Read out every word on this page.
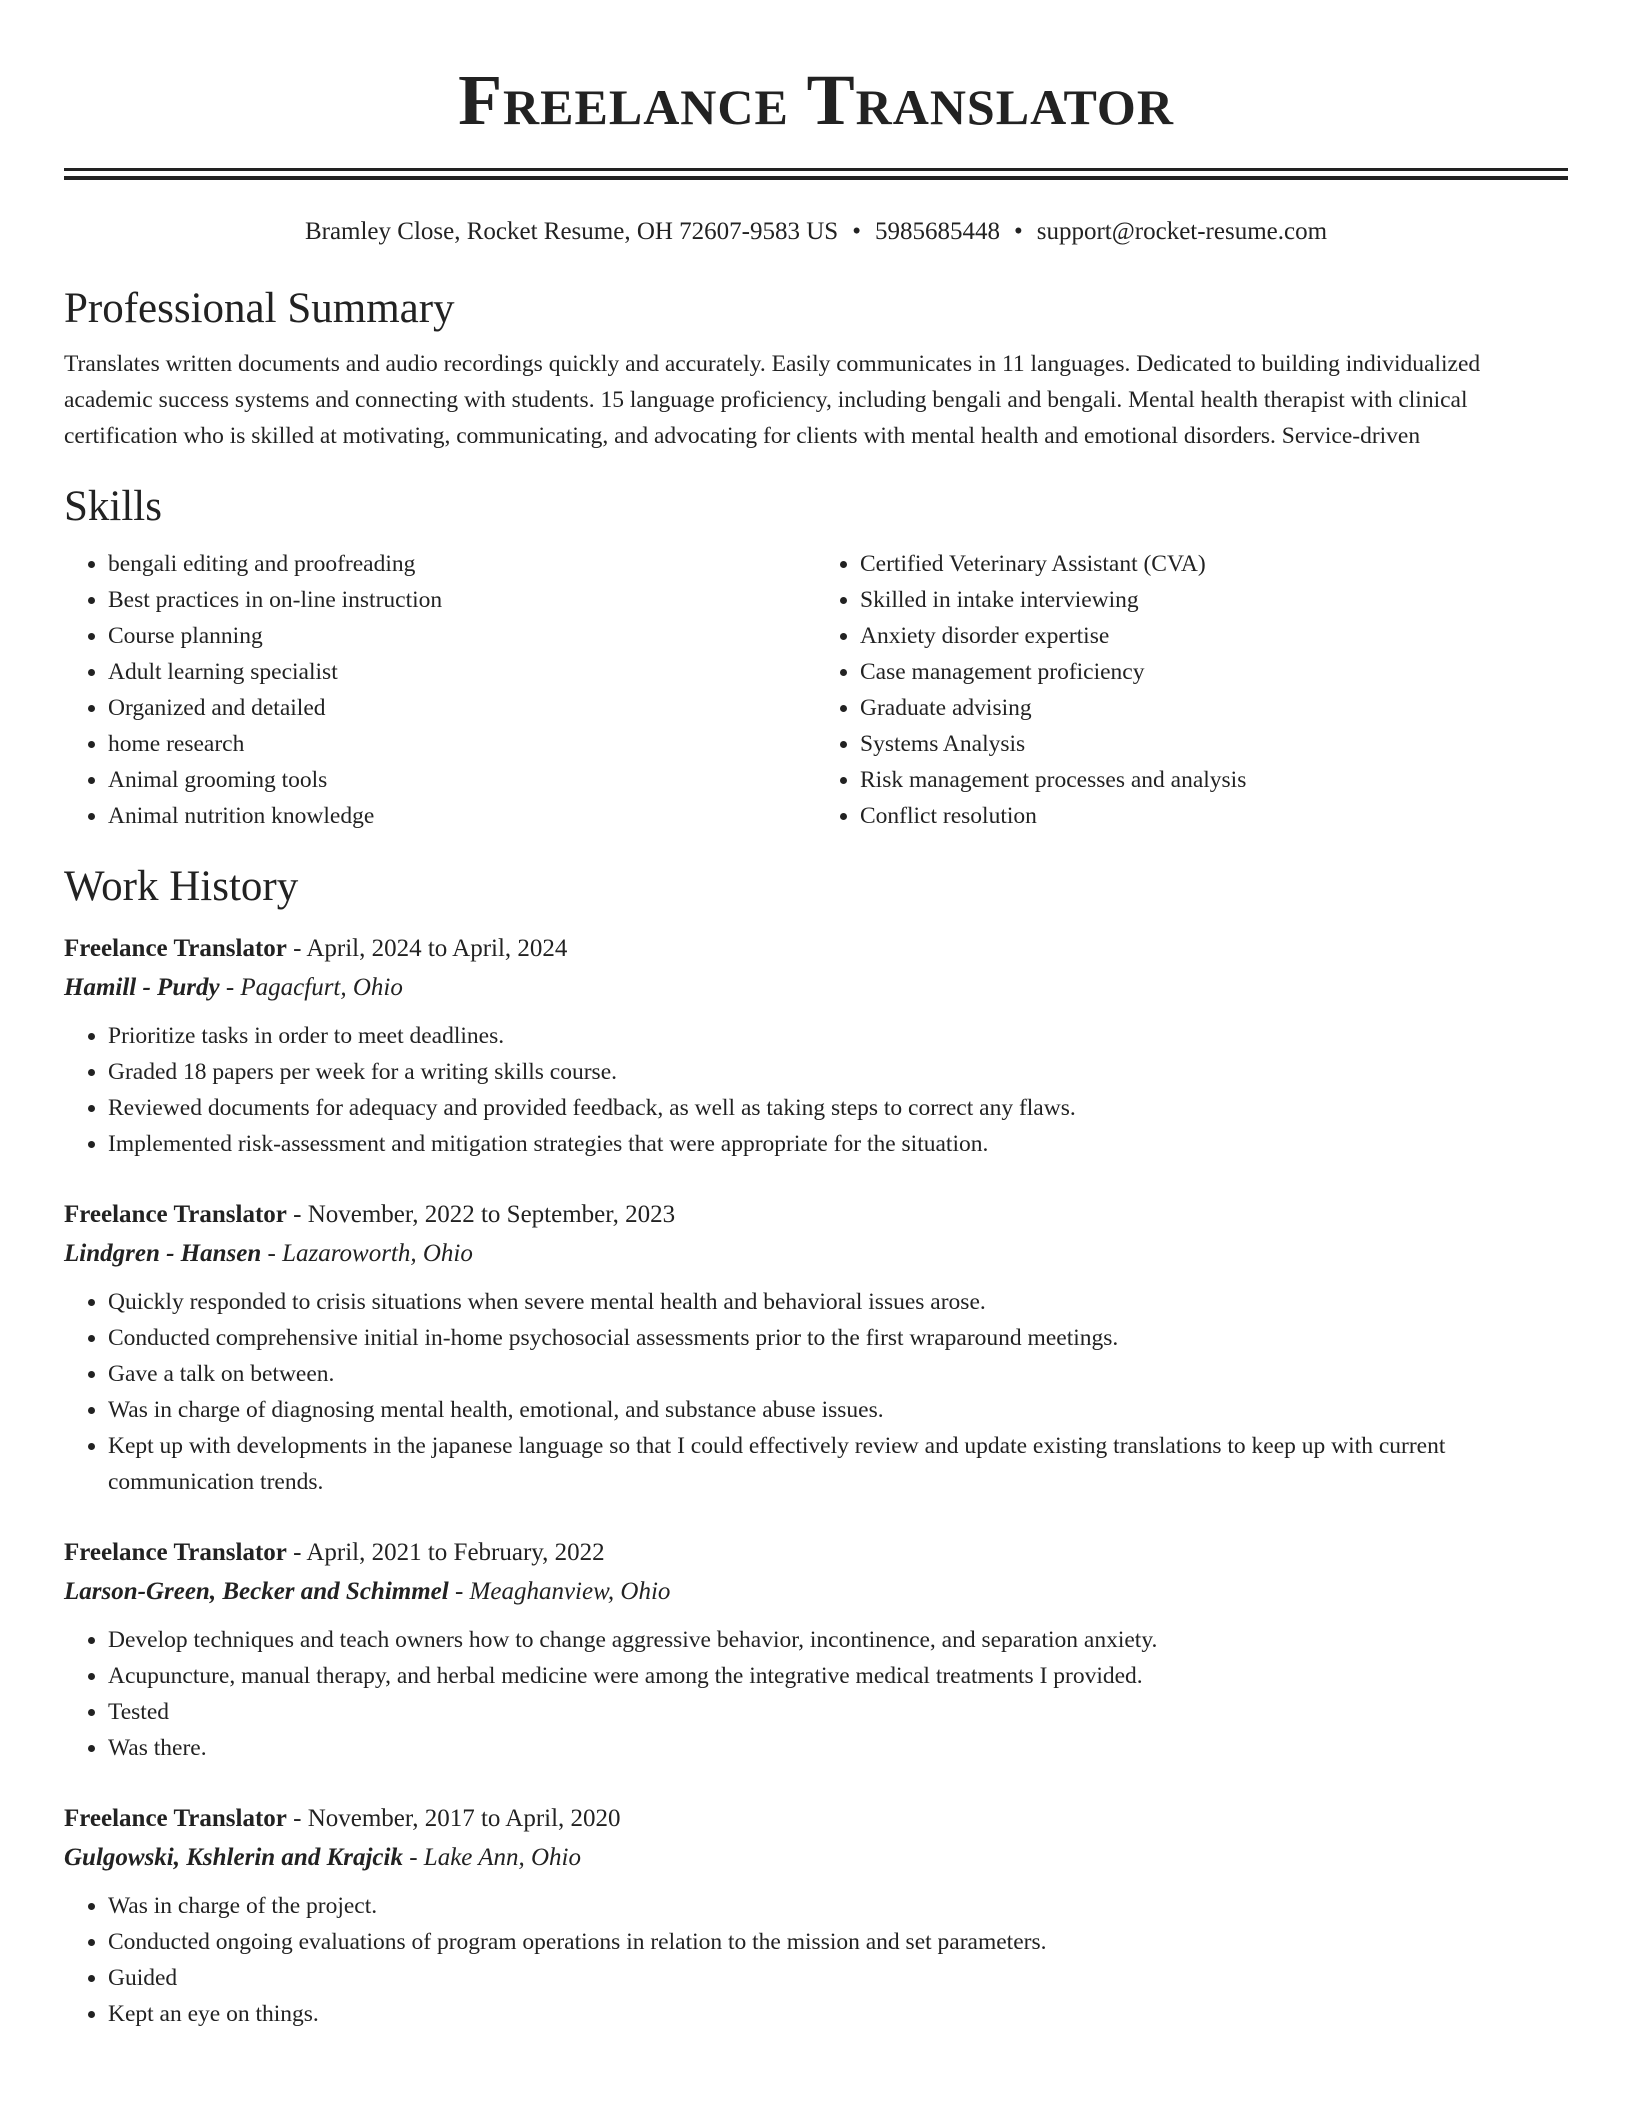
Freelance Translator
Bramley Close, Rocket Resume, OH 72607-9583 US • 5985685448 • support@rocket-resume.com
Professional Summary

Translates written documents and audio recordings quickly and accurately. Easily communicates in 11 languages. Dedicated to building individualized academic success systems and connecting with students. 15 language proficiency, including bengali and bengali. Mental health therapist with clinical certification who is skilled at motivating, communicating, and advocating for clients with mental health and emotional disorders. Service-driven

Skills
• bengali editing and proofreading
• Best practices in on-line instruction
• Course planning
• Adult learning specialist
• Organized and detailed
• home research
• Animal grooming tools
• Animal nutrition knowledge
• Certified Veterinary Assistant (CVA)
• Skilled in intake interviewing
• Anxiety disorder expertise
• Case management proficiency
• Graduate advising
• Systems Analysis
• Risk management processes and analysis
• Conflict resolution
Work History
Freelance Translator - April, 2024 to April, 2024
Hamill - Purdy - Pagacfurt, Ohio
• Prioritize tasks in order to meet deadlines.
• Graded 18 papers per week for a writing skills course.
• Reviewed documents for adequacy and provided feedback, as well as taking steps to correct any flaws.
• Implemented risk-assessment and mitigation strategies that were appropriate for the situation.
Freelance Translator - November, 2022 to September, 2023
Lindgren - Hansen - Lazaroworth, Ohio
• Quickly responded to crisis situations when severe mental health and behavioral issues arose.
• Conducted comprehensive initial in-home psychosocial assessments prior to the first wraparound meetings.
• Gave a talk on between.
• Was in charge of diagnosing mental health, emotional, and substance abuse issues.
• Kept up with developments in the japanese language so that I could effectively review and update existing translations to keep up with current communication trends.
Freelance Translator - April, 2021 to February, 2022
Larson-Green, Becker and Schimmel - Meaghanview, Ohio
• Develop techniques and teach owners how to change aggressive behavior, incontinence, and separation anxiety.
• Acupuncture, manual therapy, and herbal medicine were among the integrative medical treatments I provided.
• Tested
• Was there.
Freelance Translator - November, 2017 to April, 2020
Gulgowski, Kshlerin and Krajcik - Lake Ann, Ohio
• Was in charge of the project.
• Conducted ongoing evaluations of program operations in relation to the mission and set parameters.
• Guided
• Kept an eye on things.
